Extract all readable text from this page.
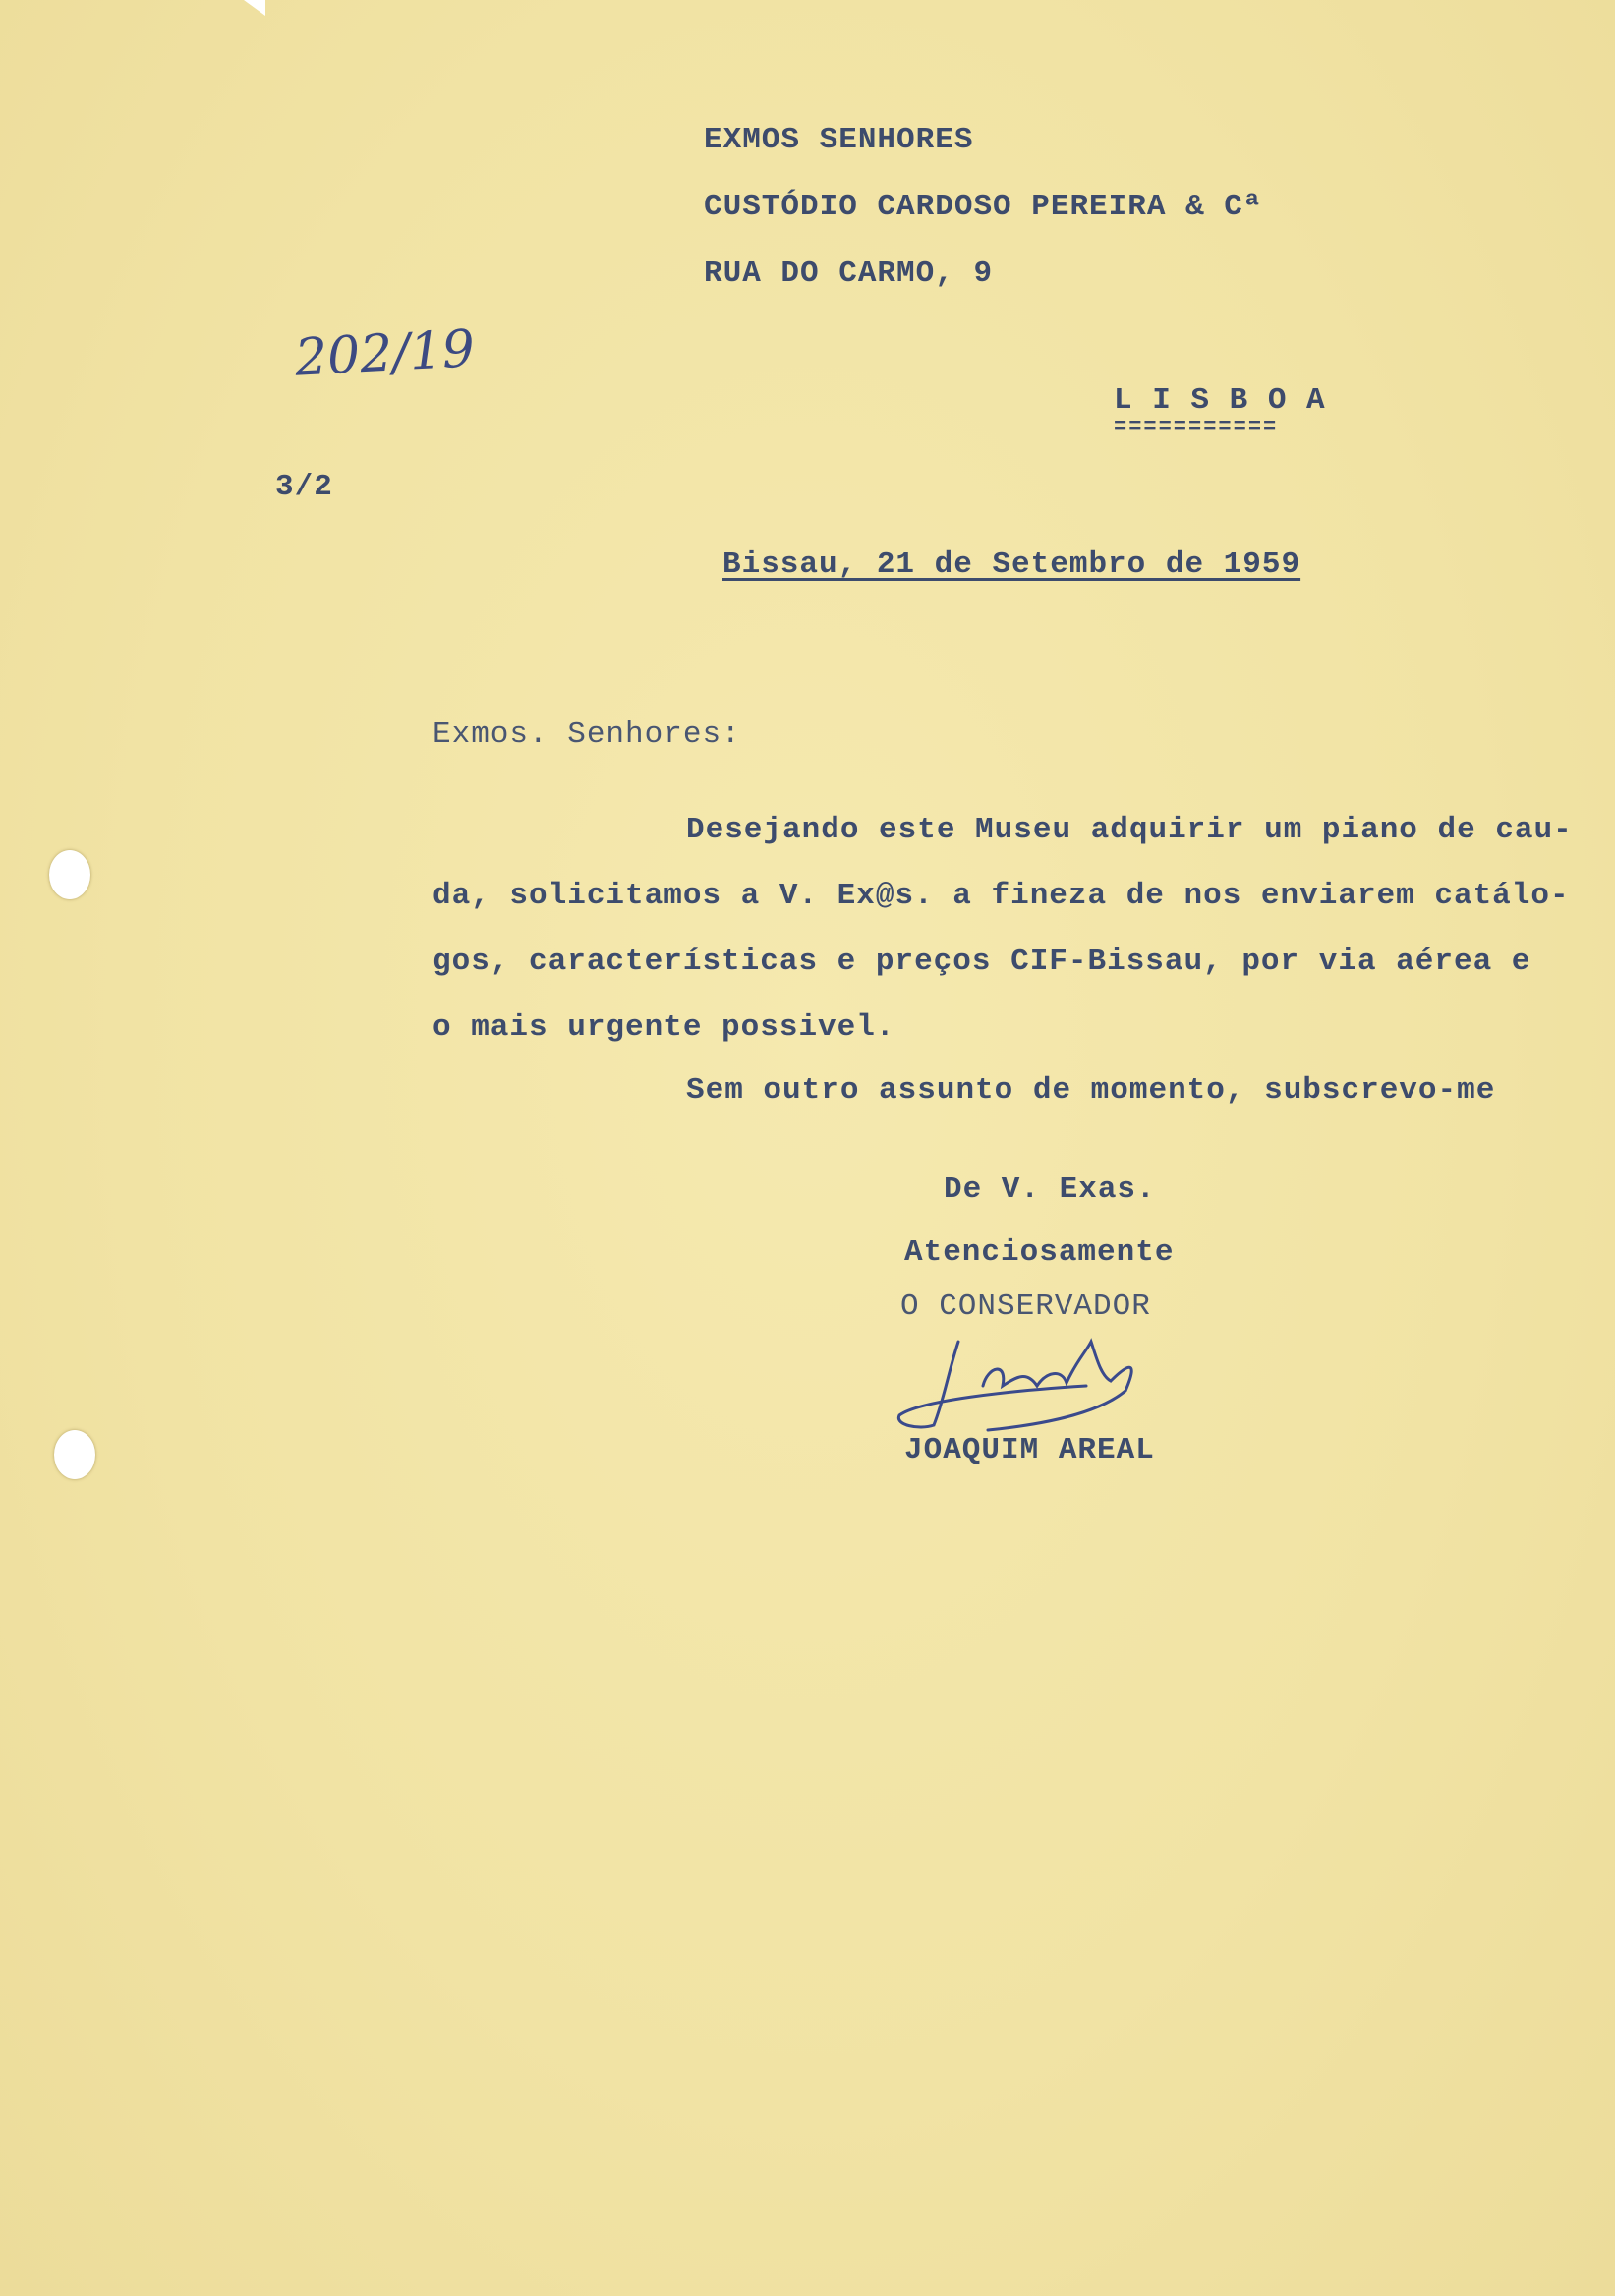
EXMOS SENHORES
CUSTÓDIO CARDOSO PEREIRA & Cª
RUA DO CARMO, 9
202/19
L I S B O A
===========
3/2
Bissau, 21 de Setembro de 1959
Exmos. Senhores:
Desejando este Museu adquirir um piano de cau-
da, solicitamos a V. Ex@s. a fineza de nos enviarem catálo-
gos, características e preços CIF-Bissau, por via aérea e
o mais urgente possivel.
Sem outro assunto de momento, subscrevo-me
De V. Exas.
Atenciosamente
O CONSERVADOR
JOAQUIM AREAL
